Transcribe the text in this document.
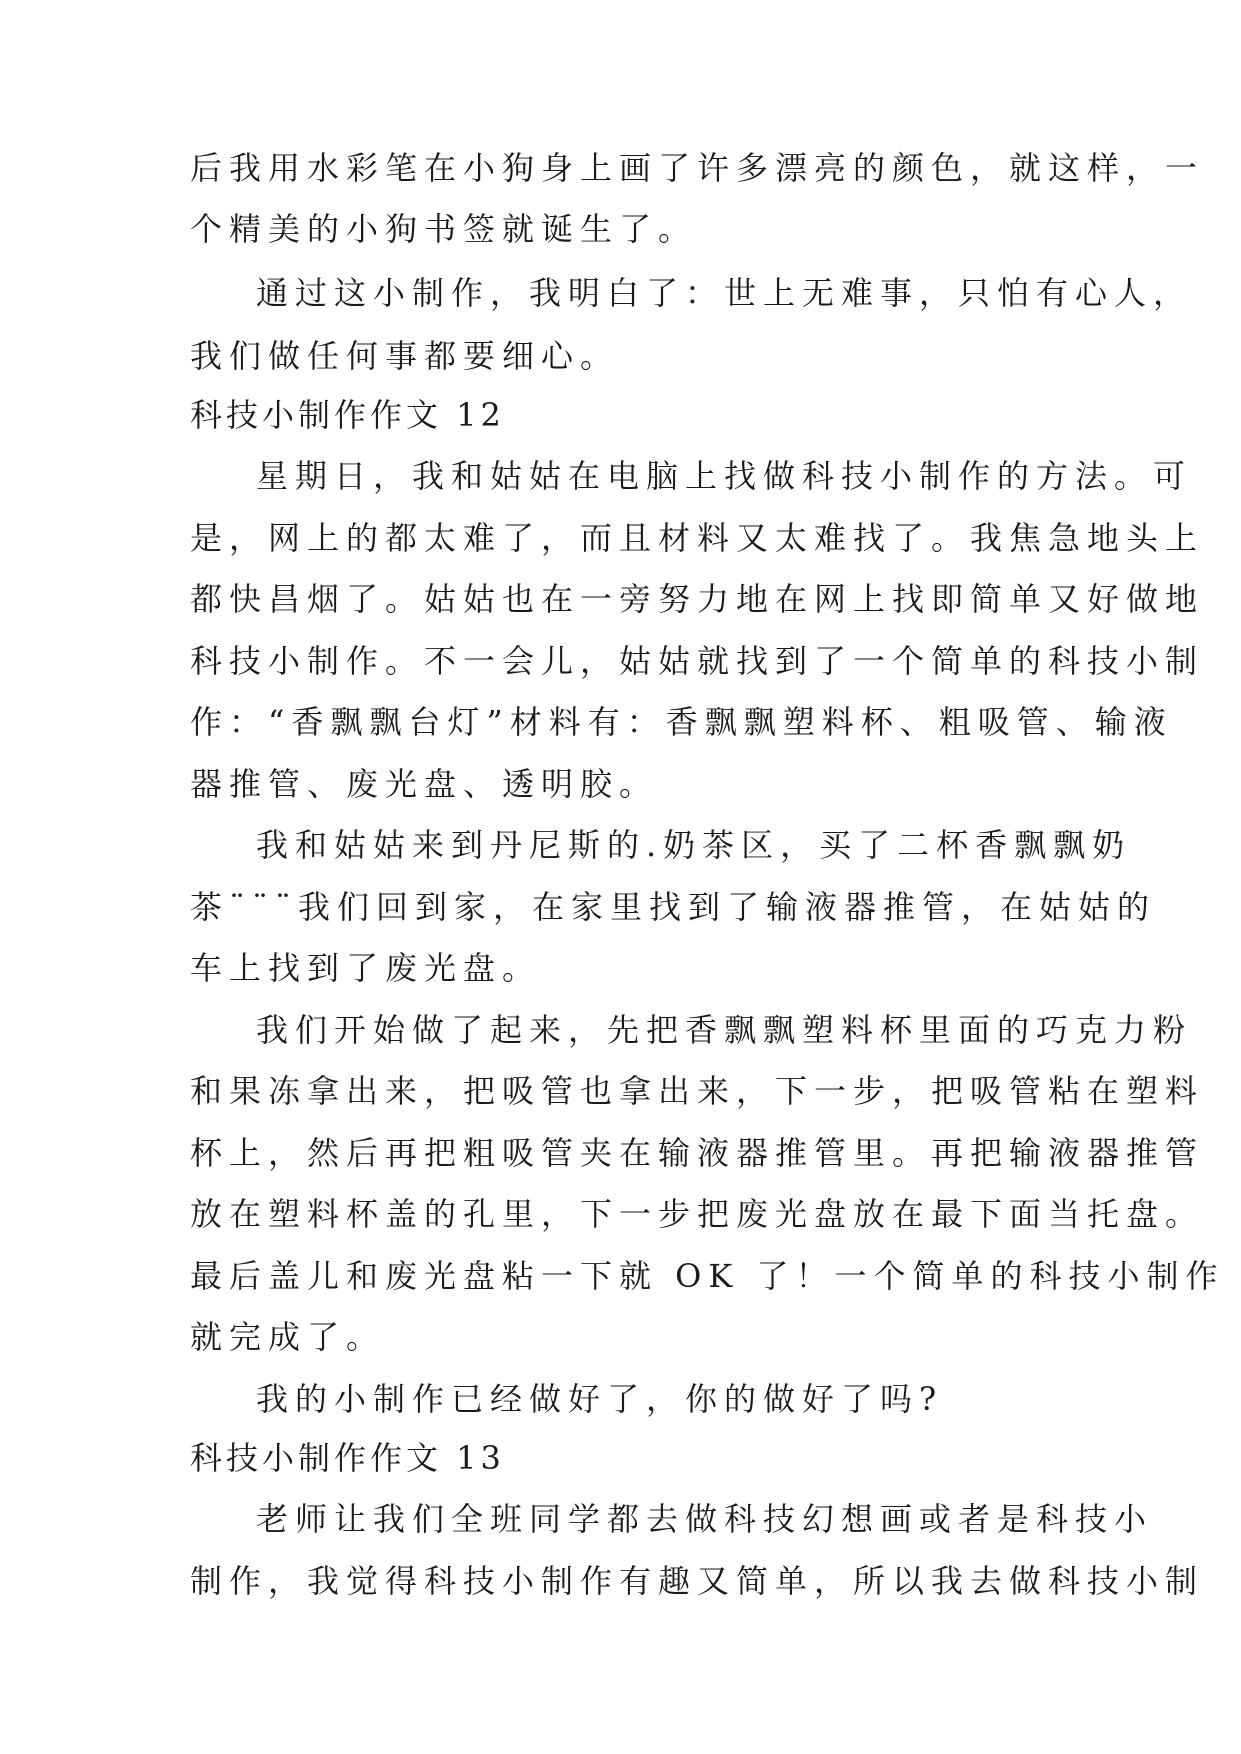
后我用水彩笔在小狗身上画了许多漂亮的颜色，就这样，一
个精美的小狗书签就诞生了。
通过这小制作，我明白了：世上无难事，只怕有心人，
我们做任何事都要细心。
科技小制作作文 12
星期日，我和姑姑在电脑上找做科技小制作的方法。可
是，网上的都太难了，而且材料又太难找了。我焦急地头上
都快昌烟了。姑姑也在一旁努力地在网上找即简单又好做地
科技小制作。不一会儿，姑姑就找到了一个简单的科技小制
作：“香飘飘台灯”材料有：香飘飘塑料杯、粗吸管、输液
器推管、废光盘、透明胶。
我和姑姑来到丹尼斯的.奶茶区，买了二杯香飘飘奶
茶¨¨¨我们回到家，在家里找到了输液器推管，在姑姑的
车上找到了废光盘。
我们开始做了起来，先把香飘飘塑料杯里面的巧克力粉
和果冻拿出来，把吸管也拿出来，下一步，把吸管粘在塑料
杯上，然后再把粗吸管夹在输液器推管里。再把输液器推管
放在塑料杯盖的孔里，下一步把废光盘放在最下面当托盘。
最后盖儿和废光盘粘一下就 OK 了！一个简单的科技小制作
就完成了。
我的小制作已经做好了，你的做好了吗?
科技小制作作文 13
老师让我们全班同学都去做科技幻想画或者是科技小
制作，我觉得科技小制作有趣又简单，所以我去做科技小制
